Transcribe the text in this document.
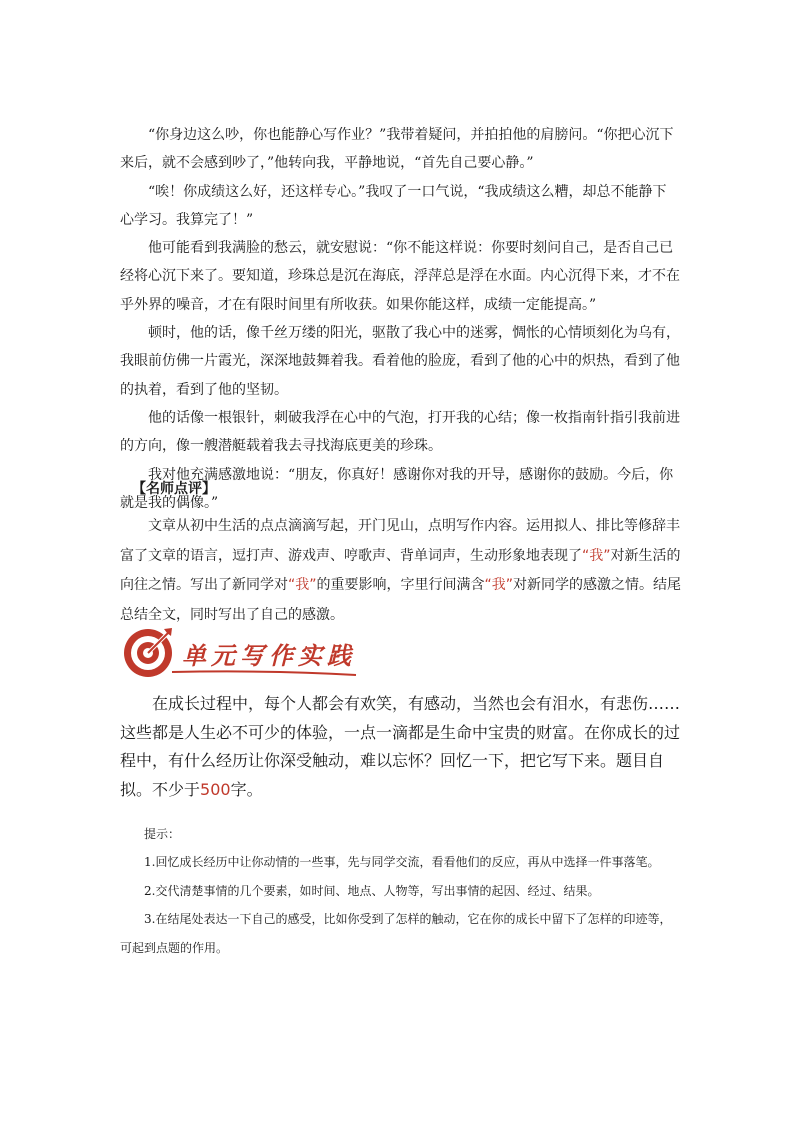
“你身边这么吵，你也能静心写作业？”我带着疑问，并拍拍他的肩膀问。“你把心沉下来后，就不会感到吵了，”他转向我，平静地说，“首先自己要心静。”

“唉！你成绩这么好，还这样专心。”我叹了一口气说，“我成绩这么糟，却总不能静下心学习。我算完了！”

他可能看到我满脸的愁云，就安慰说：“你不能这样说：你要时刻问自己，是否自己已经将心沉下来了。要知道，珍珠总是沉在海底，浮萍总是浮在水面。内心沉得下来，才不在乎外界的噪音，才在有限时间里有所收获。如果你能这样，成绩一定能提高。”

顿时，他的话，像千丝万缕的阳光，驱散了我心中的迷雾，惆怅的心情顷刻化为乌有，我眼前仿佛一片霞光，深深地鼓舞着我。看着他的脸庞，看到了他的心中的炽热，看到了他的执着，看到了他的坚韧。

他的话像一根银针，刺破我浮在心中的气泡，打开我的心结；像一枚指南针指引我前进的方向，像一艘潜艇载着我去寻找海底更美的珍珠。

我对他充满感激地说：“朋友，你真好！感谢你对我的开导，感谢你的鼓励。今后，你就是我的偶像。”

【名师点评】

文章从初中生活的点点滴滴写起，开门见山，点明写作内容。运用拟人、排比等修辞丰富了文章的语言，逗打声、游戏声、哼歌声、背单词声，生动形象地表现了“我”对新生活的向往之情。写出了新同学对“我”的重要影响，字里行间满含“我”对新同学的感激之情。结尾总结全文，同时写出了自己的感激。

单元写作实践

在成长过程中，每个人都会有欢笑，有感动，当然也会有泪水，有悲伤……这些都是人生必不可少的体验，一点一滴都是生命中宝贵的财富。在你成长的过程中，有什么经历让你深受触动，难以忘怀？回忆一下，把它写下来。题目自拟。不少于500字。

提示：

1.回忆成长经历中让你动情的一些事，先与同学交流，看看他们的反应，再从中选择一件事落笔。

2.交代清楚事情的几个要素，如时间、地点、人物等，写出事情的起因、经过、结果。

3.在结尾处表达一下自己的感受，比如你受到了怎样的触动，它在你的成长中留下了怎样的印迹等，可起到点题的作用。
